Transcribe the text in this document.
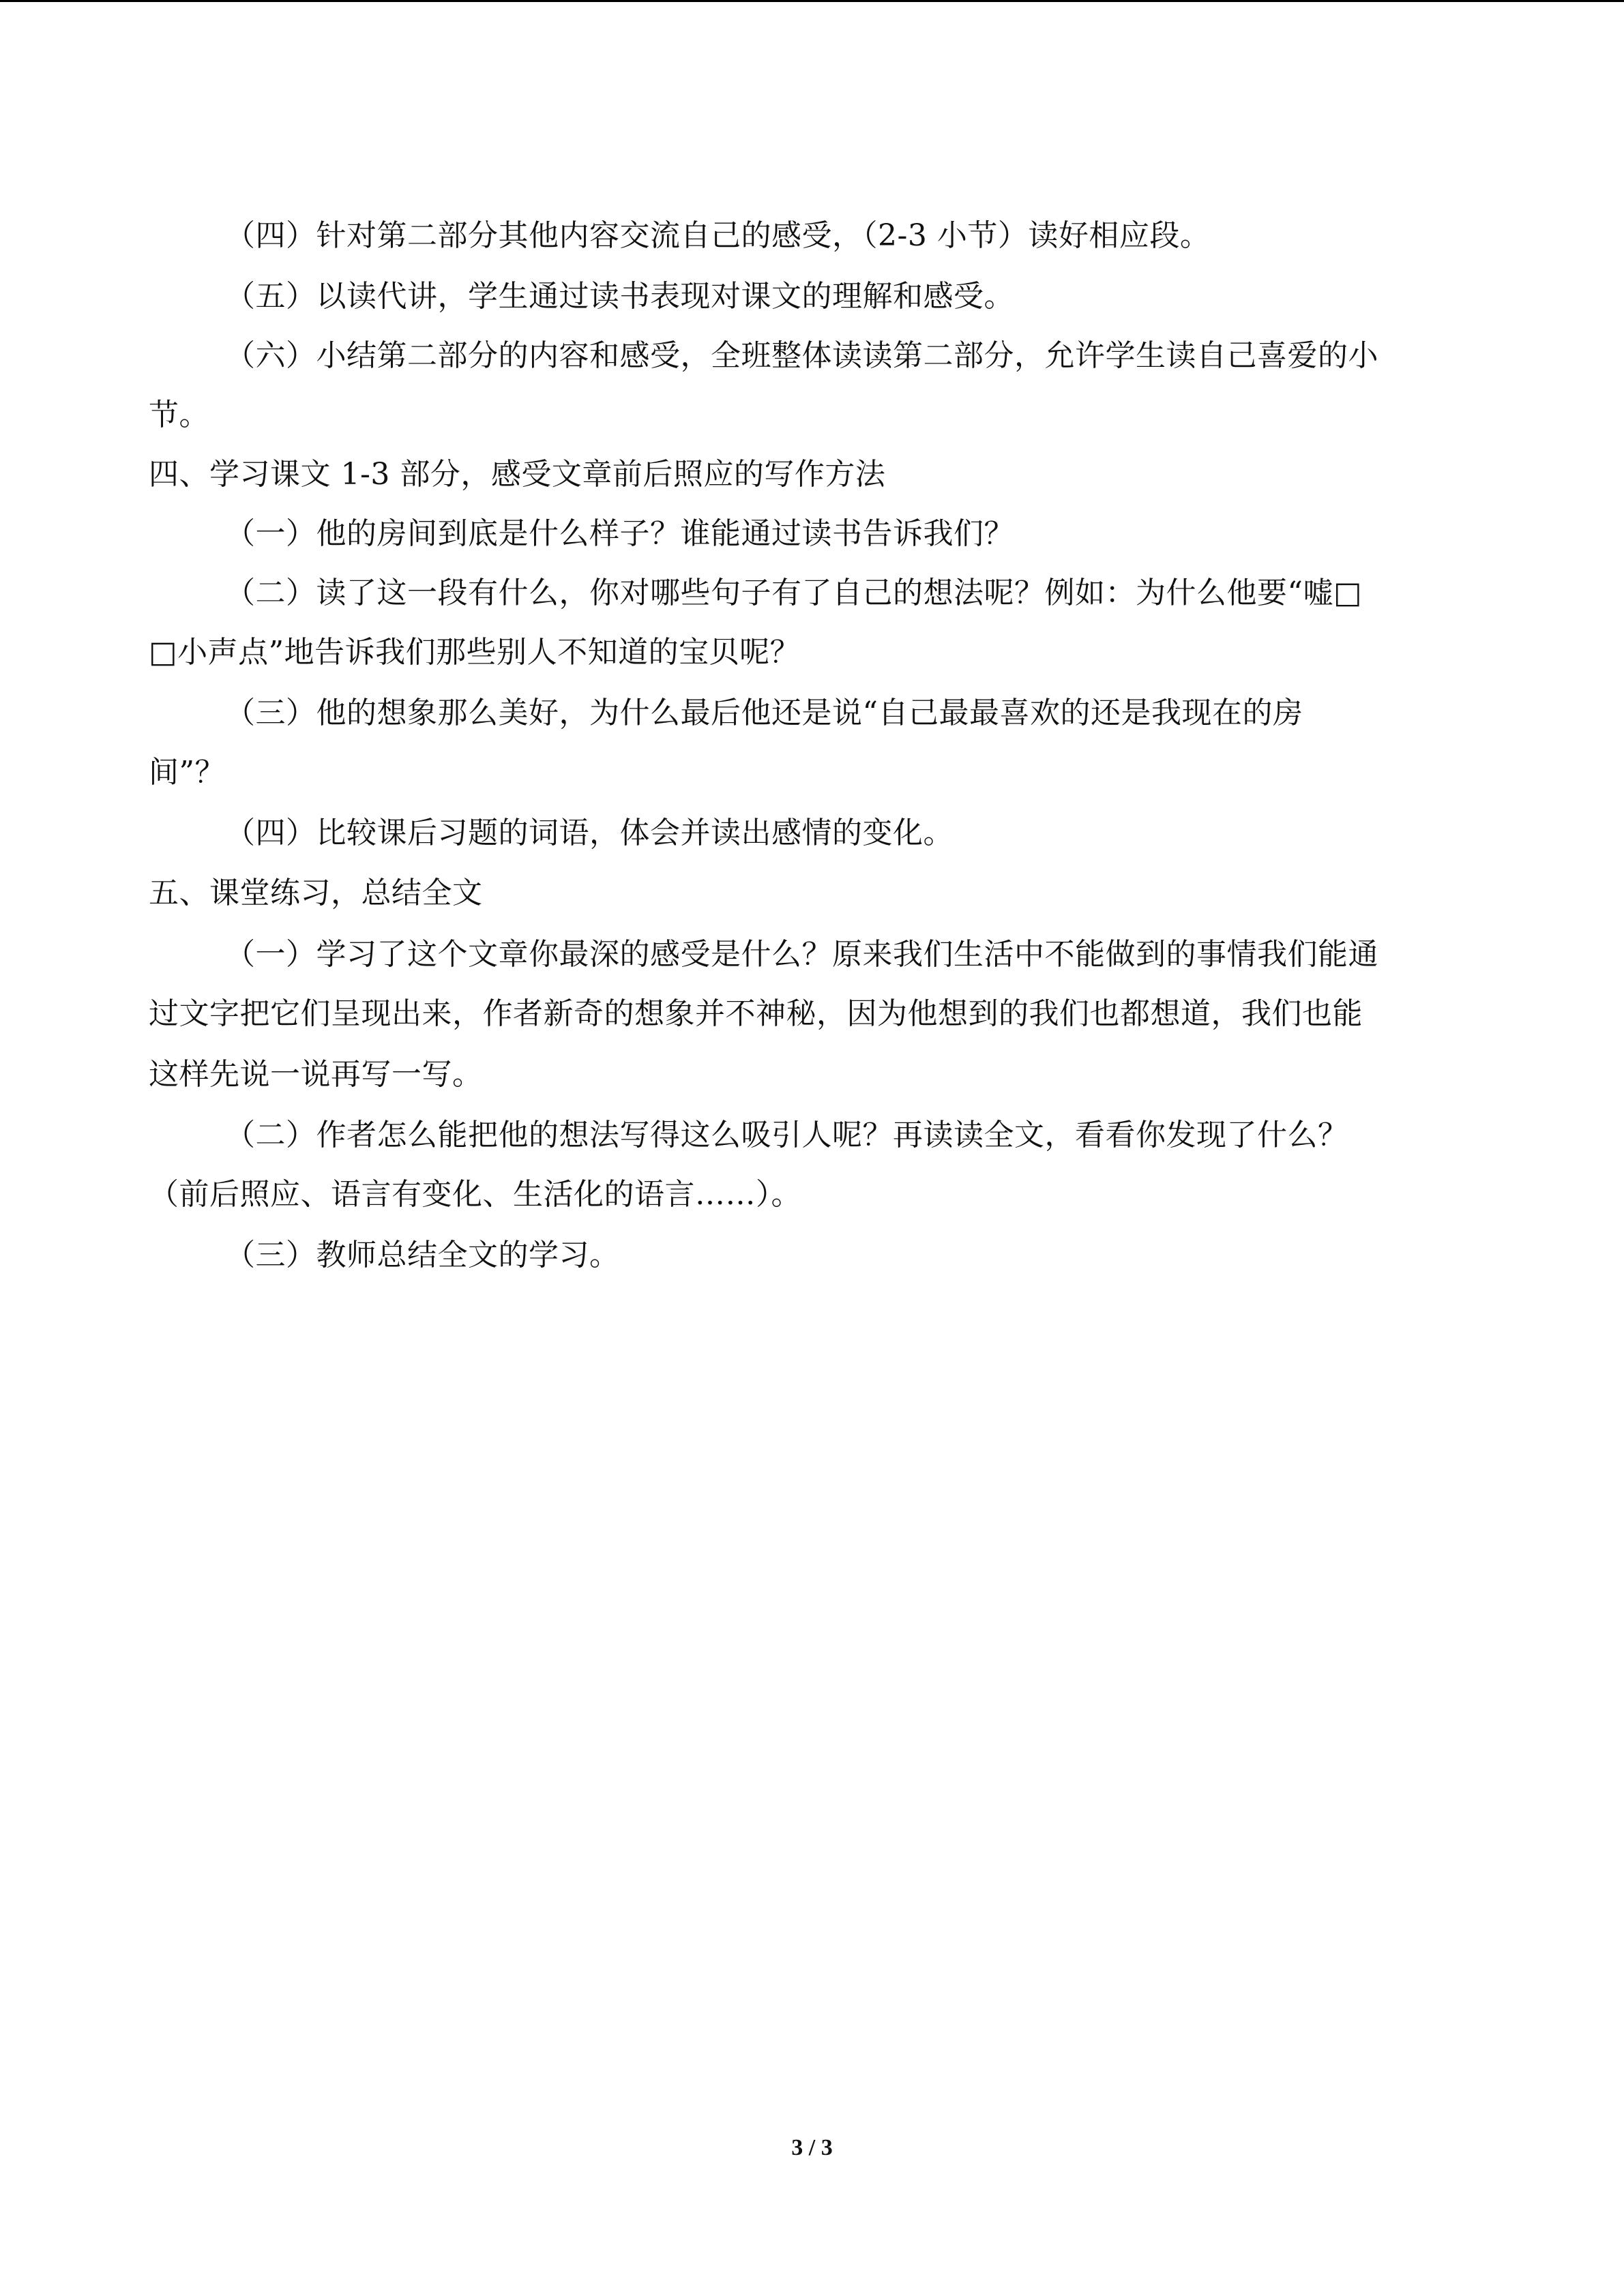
（四）针对第二部分其他内容交流自己的感受，（2-3 小节）读好相应段。
（五）以读代讲，学生通过读书表现对课文的理解和感受。
（六）小结第二部分的内容和感受，全班整体读读第二部分，允许学生读自己喜爱的小
节。
四、学习课文 1-3 部分，感受文章前后照应的写作方法
（一）他的房间到底是什么样子？谁能通过读书告诉我们？
（二）读了这一段有什么，你对哪些句子有了自己的想法呢？例如：为什么他要“嘘□
□小声点”地告诉我们那些别人不知道的宝贝呢？
（三）他的想象那么美好，为什么最后他还是说“自己最最喜欢的还是我现在的房
间”？
（四）比较课后习题的词语，体会并读出感情的变化。
五、课堂练习，总结全文
（一）学习了这个文章你最深的感受是什么？原来我们生活中不能做到的事情我们能通
过文字把它们呈现出来，作者新奇的想象并不神秘，因为他想到的我们也都想道，我们也能
这样先说一说再写一写。
（二）作者怎么能把他的想法写得这么吸引人呢？再读读全文，看看你发现了什么？
（前后照应、语言有变化、生活化的语言……）。
（三）教师总结全文的学习。
3 / 3
